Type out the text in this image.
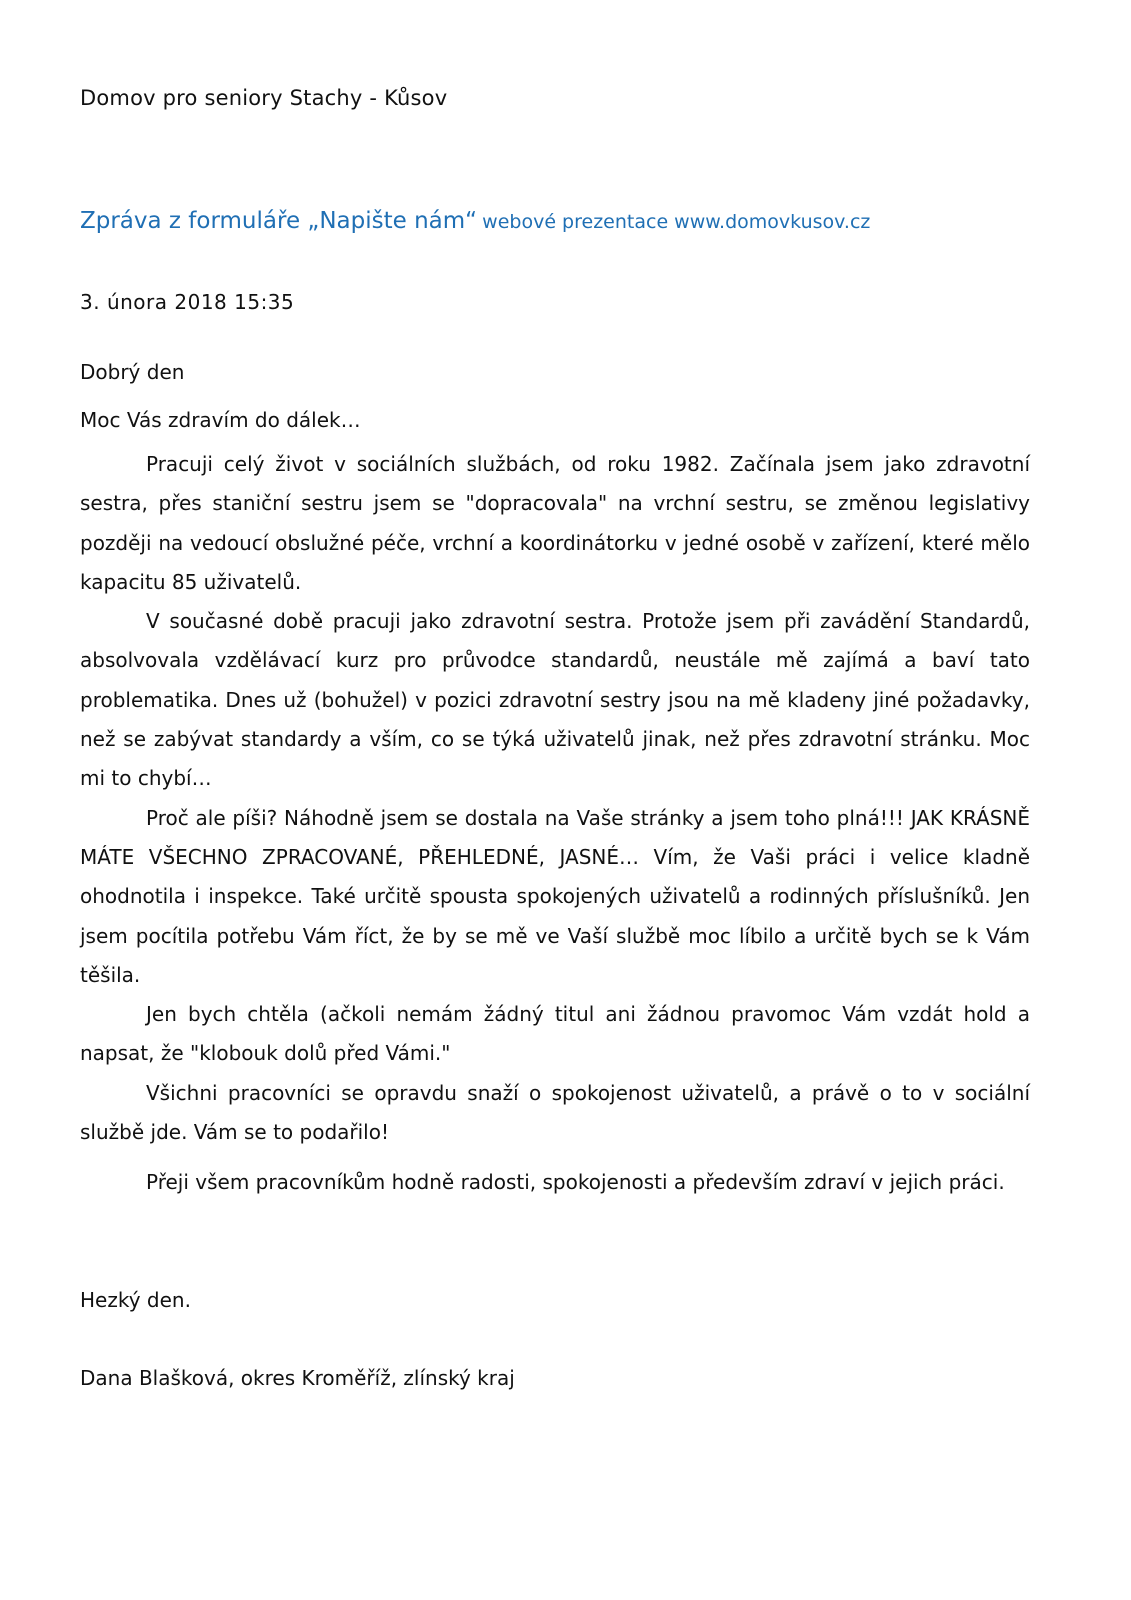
Domov pro seniory Stachy - Kůsov
Zpráva z formuláře „Napište nám“ webové prezentace www.domovkusov.cz
3. února 2018 15:35
Dobrý den
Moc Vás zdravím do dálek…

Pracuji celý život v sociálních službách, od roku 1982. Začínala jsem jako zdravotní sestra, přes staniční sestru jsem se "dopracovala" na vrchní sestru, se změnou legislativy později na vedoucí obslužné péče, vrchní a koordinátorku v jedné osobě v zařízení, které mělo kapacitu 85 uživatelů.

V současné době pracuji jako zdravotní sestra. Protože jsem při zavádění Standardů, absolvovala vzdělávací kurz pro průvodce standardů, neustále mě zajímá a baví tato problematika. Dnes už (bohužel) v pozici zdravotní sestry jsou na mě kladeny jiné požadavky, než se zabývat standardy a vším, co se týká uživatelů jinak, než přes zdravotní stránku. Moc mi to chybí…

Proč ale píši? Náhodně jsem se dostala na Vaše stránky a jsem toho plná!!! JAK KRÁSNĚ MÁTE VŠECHNO ZPRACOVANÉ, PŘEHLEDNÉ, JASNÉ… Vím, že Vaši práci i velice kladně ohodnotila i inspekce. Také určitě spousta spokojených uživatelů a rodinných příslušníků. Jen jsem pocítila potřebu Vám říct, že by se mě ve Vaší službě moc líbilo a určitě bych se k Vám těšila.

Jen bych chtěla (ačkoli nemám žádný titul ani žádnou pravomoc Vám vzdát hold a napsat, že "klobouk dolů před Vámi."

Všichni pracovníci se opravdu snaží o spokojenost uživatelů, a právě o to v sociální službě jde. Vám se to podařilo!

Přeji všem pracovníkům hodně radosti, spokojenosti a především zdraví v jejich práci.

Hezký den.
Dana Blašková, okres Kroměříž, zlínský kraj
